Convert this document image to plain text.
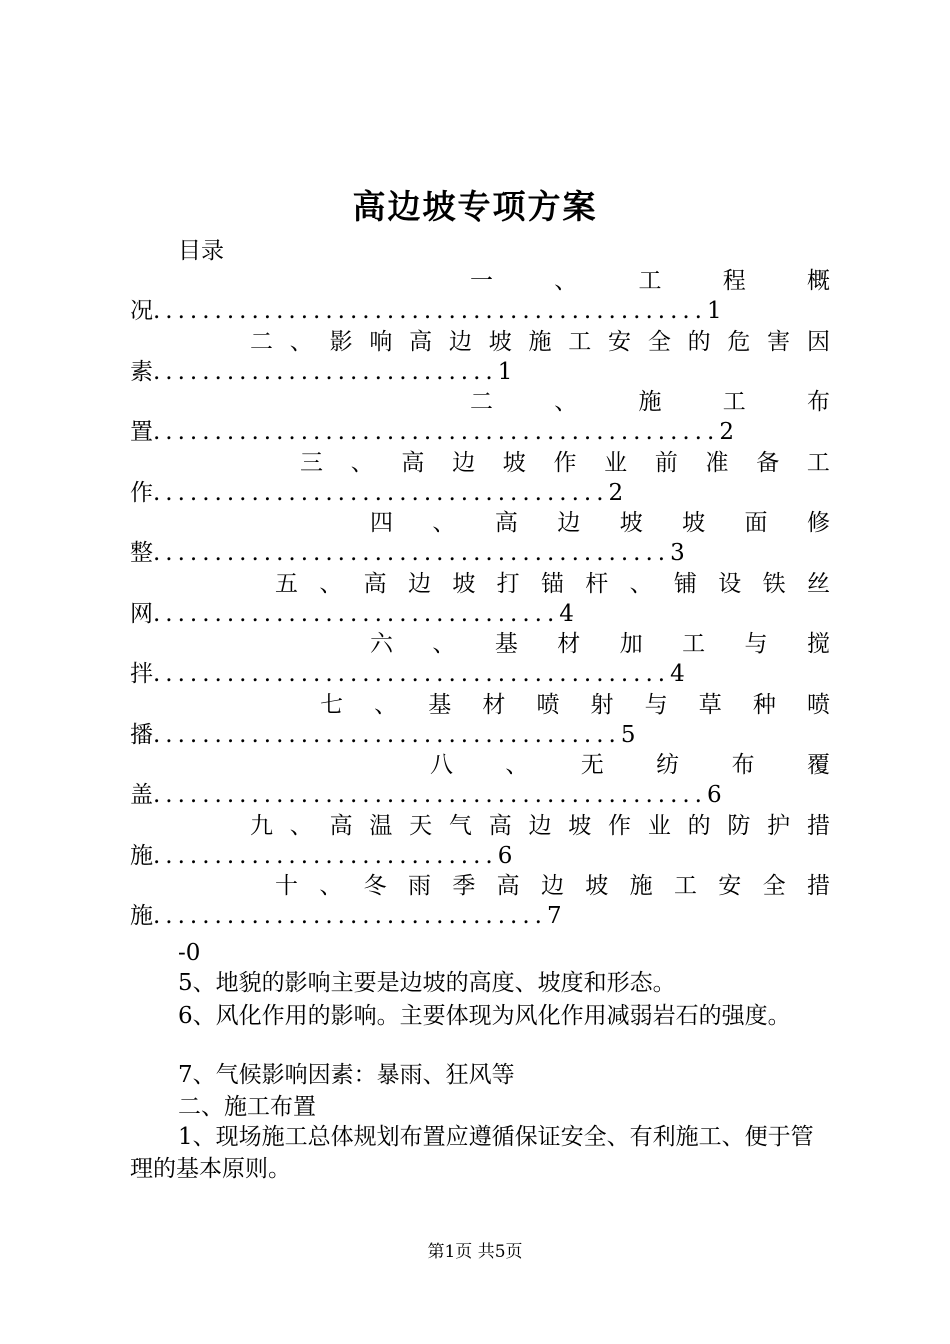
高边坡专项方案
目录
一	、	工	程	概
况.............................................1
二 、 影 响 高 边 坡 施 工 安 全 的 危 害 因
素............................1
二	、	施	工	布
置..............................................2
三 、 高 边 坡 作 业 前 准 备 工
作.....................................2
四 、 高 边 坡 坡 面 修
整..........................................3
五 、 高 边 坡 打 锚 杆 、 铺 设 铁 丝
网.................................4
六 、 基 材 加 工 与 搅
拌..........................................4
七 、 基 材 喷 射 与 草 种 喷
播......................................5
八 、 无 纺 布 覆
盖.............................................6
九 、 高 温 天 气 高 边 坡 作 业 的 防 护 措
施............................6
十 、 冬 雨 季 高 边 坡 施 工 安 全 措
施................................7
-0
5、地貌的影响主要是边坡的高度、坡度和形态。
6、风化作用的影响。主要体现为风化作用减弱岩石的强度。
7、气候影响因素：暴雨、狂风等
二、施工布置
1、现场施工总体规划布置应遵循保证安全、有利施工、便于管理的基本原则。
第1页 共5页
